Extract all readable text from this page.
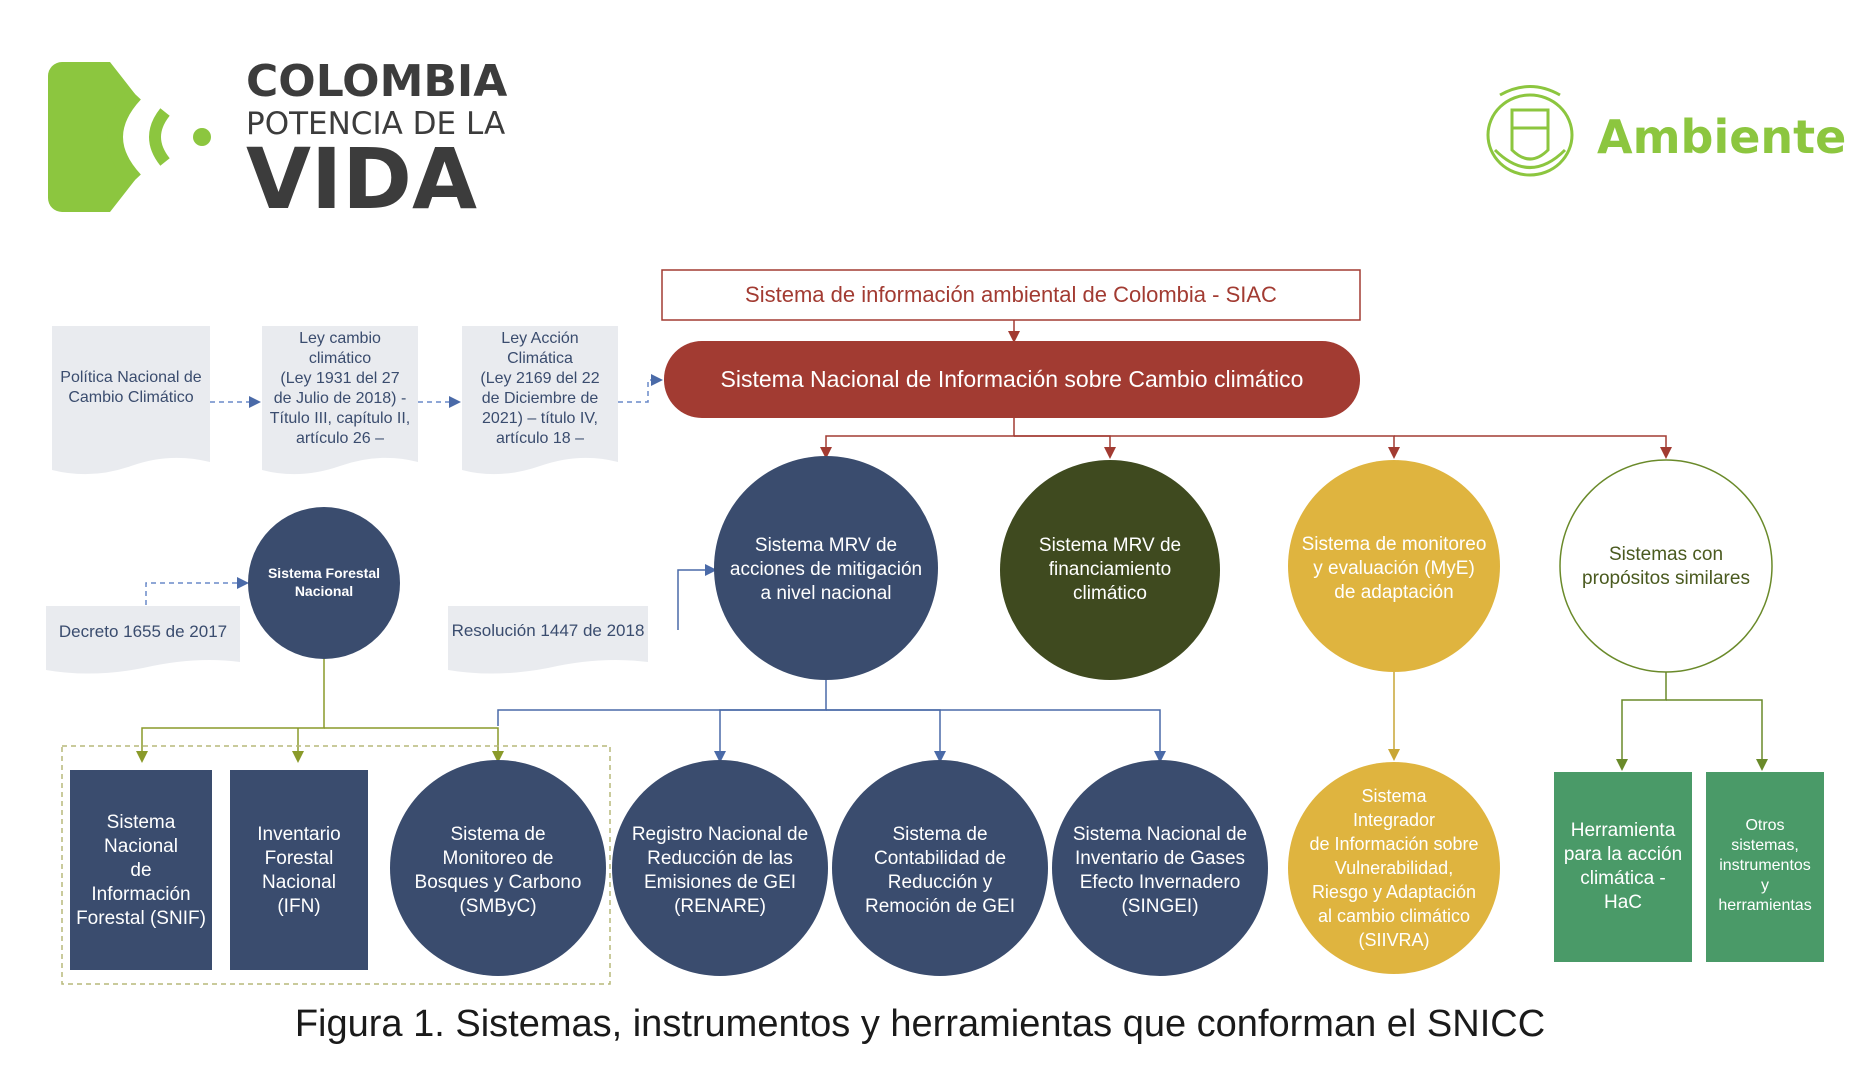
COLOMBIA
POTENCIA DE LA
VIDA	Ambiente
Sistema de información ambiental de Colombia - SIAC
Sistema Nacional de Información sobre Cambio climático
Política Nacional de
Cambio Climático
Ley cambio
climático
(Ley 1931 del 27
de Julio de 2018) -
Título III, capítulo II,
artículo 26 –
Ley Acción
Climática
(Ley 2169 del 22
de Diciembre de
2021) – título IV,
artículo 18 –
Decreto 1655 de 2017	Resolución 1447 de 2018
Sistema Forestal
Nacional
Sistema MRV de
acciones de mitigación
a nivel nacional
Sistema MRV de
financiamiento
climático
Sistema de monitoreo
y evaluación (MyE)
de adaptación
Sistemas con
propósitos similares
Sistema
Nacional
de
Información
Forestal (SNIF)
Inventario
Forestal
Nacional
(IFN)
Sistema de
Monitoreo de
Bosques y Carbono
(SMByC)
Registro Nacional de
Reducción de las
Emisiones de GEI
(RENARE)
Sistema de
Contabilidad de
Reducción y
Remoción de GEI
Sistema Nacional de
Inventario de Gases
Efecto Invernadero
(SINGEI)
Sistema
Integrador
de Información sobre
Vulnerabilidad,
Riesgo y Adaptación
al cambio climático
(SIIVRA)
Herramienta
para la acción
climática -
HaC
Otros
sistemas,
instrumentos
y
herramientas
Figura 1. Sistemas, instrumentos y herramientas que conforman el SNICC
